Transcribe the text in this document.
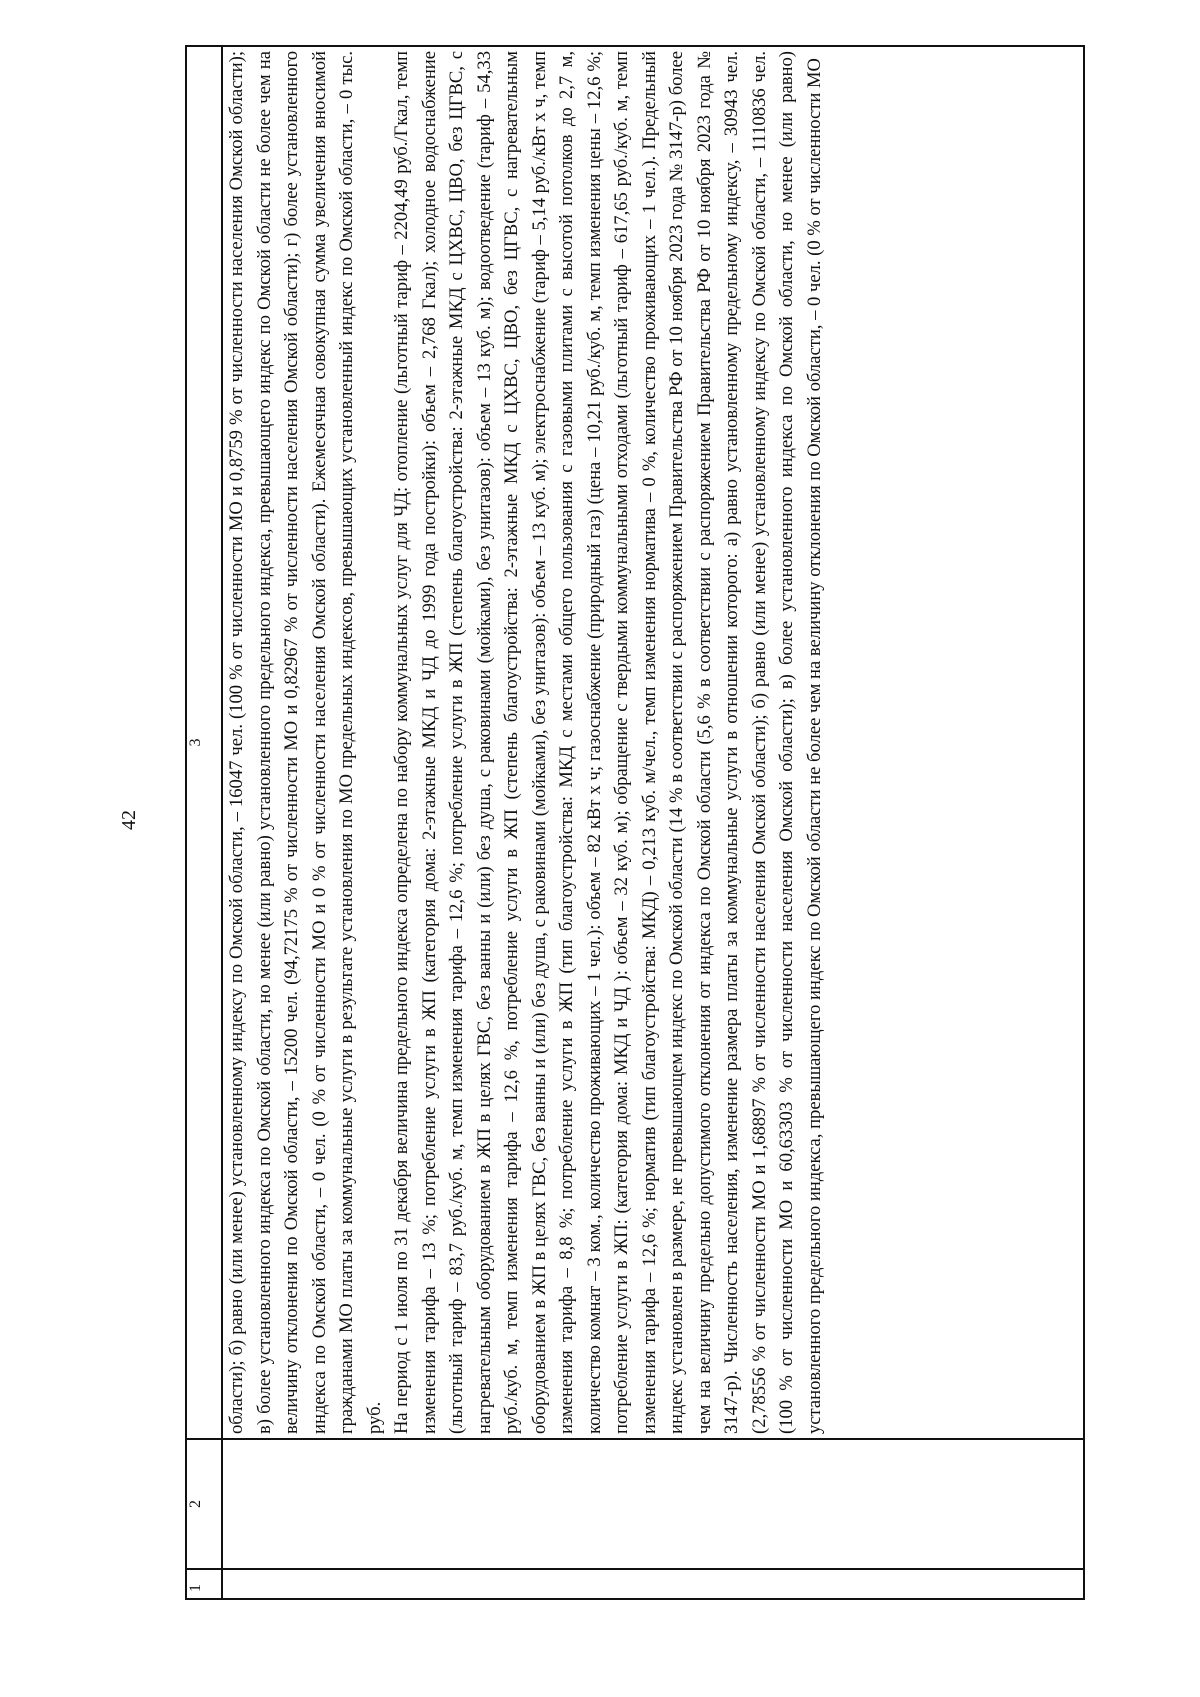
42
1	2	3

		области); б) равно (или менее) установленному индексу по Омской области, – 16047 чел. (100 % от численности МО и 0,8759 % от численности населения Омской области); в) более установленного индекса по Омской области, но менее (или равно) установленного предельного индекса, превышающего индекс по Омской области не более чем на величину отклонения по Омской области, – 15200 чел. (94,72175 % от численности МО и 0,82967 % от численности населения Омской области); г) более установленного индекса по Омской области, – 0 чел. (0 % от численности МО и 0 % от численности населения Омской области). Ежемесячная совокупная сумма увеличения вносимой гражданами МО платы за коммунальные услуги в результате установления по МО предельных индексов, превышающих установленный индекс по Омской области, – 0 тыс. руб. На период с 1 июля по 31 декабря величина предельного индекса определена по набору коммунальных услуг для ЧД: отопление (льготный тариф – 2204,49 руб./Гкал, темп изменения тарифа – 13 %; потребление услуги в ЖП (категория дома: 2-этажные МКД и ЧД до 1999 года постройки): объем – 2,768 Гкал); холодное водоснабжение (льготный тариф – 83,7 руб./куб. м, темп изменения тарифа – 12,6 %; потребление услуги в ЖП (степень благоустройства: 2-этажные МКД с ЦХВС, ЦВО, без ЦГВС, с нагревательным оборудованием в ЖП в целях ГВС, без ванны и (или) без душа, с раковинами (мойками), без унитазов): объем – 13 куб. м); водоотведение (тариф – 54,33 руб./куб. м, темп изменения тарифа – 12,6 %, потребление услуги в ЖП (степень благоустройства: 2-этажные МКД с ЦХВС, ЦВО, без ЦГВС, с нагревательным оборудованием в ЖП в целях ГВС, без ванны и (или) без душа, с раковинами (мойками), без унитазов): объем – 13 куб. м); электроснабжение (тариф – 5,14 руб./кВт х ч, темп изменения тарифа – 8,8 %; потребление услуги в ЖП (тип благоустройства: МКД с местами общего пользования с газовыми плитами с высотой потолков до 2,7 м, количество комнат – 3 ком., количество проживающих – 1 чел.): объем – 82 кВт х ч; газоснабжение (природный газ) (цена – 10,21 руб./куб. м, темп изменения цены – 12,6 %; потребление услуги в ЖП: (категория дома: МКД и ЧД ): объем – 32 куб. м); обращение с твердыми коммунальными отходами (льготный тариф – 617,65 руб./куб. м, темп изменения тарифа – 12,6 %; норматив (тип благоустройства: МКД) – 0,213 куб. м/чел., темп изменения норматива – 0 %, количество проживающих – 1 чел.). Предельный индекс установлен в размере, не превышающем индекс по Омской области (14 % в соответствии с распоряжением Правительства РФ от 10 ноября 2023 года № 3147-р) более чем на величину предельно допустимого отклонения от индекса по Омской области (5,6 % в соответствии с распоряжением Правительства РФ от 10 ноября 2023 года № 3147-р). Численность населения, изменение размера платы за коммунальные услуги в отношении которого: а) равно установленному предельному индексу, – 30943 чел. (2,78556 % от численности МО и 1,68897 % от численности населения Омской области); б) равно (или менее) установленному индексу по Омской области, – 1110836 чел. (100 % от численности МО и 60,63303 % от численности населения Омской области); в) более установленного индекса по Омской области, но менее (или равно) установленного предельного индекса, превышающего индекс по Омской области не более чем на величину отклонения по Омской области, – 0 чел. (0 % от численности МО
